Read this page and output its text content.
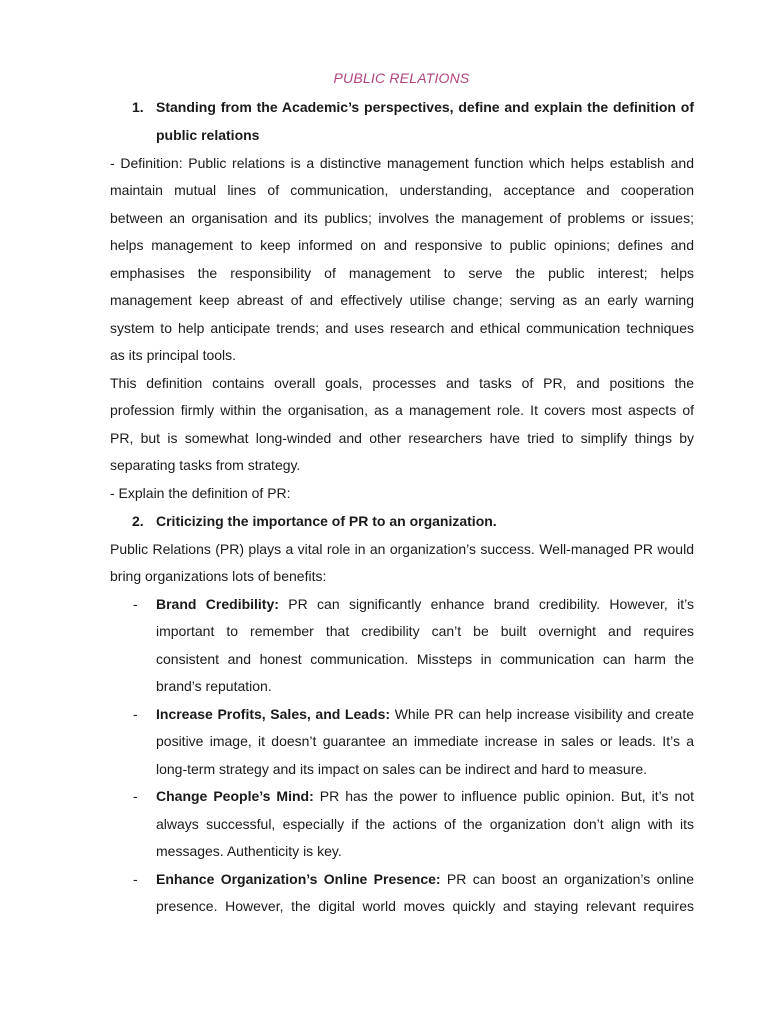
PUBLIC RELATIONS
1. Standing from the Academic’s perspectives, define and explain the definition of
public relations
- Definition: Public relations is a distinctive management function which helps establish and
maintain mutual lines of communication, understanding, acceptance and cooperation
between an organisation and its publics; involves the management of problems or issues;
helps management to keep informed on and responsive to public opinions; defines and
emphasises the responsibility of management to serve the public interest; helps
management keep abreast of and effectively utilise change; serving as an early warning
system to help anticipate trends; and uses research and ethical communication techniques
as its principal tools.
This definition contains overall goals, processes and tasks of PR, and positions the
profession firmly within the organisation, as a management role. It covers most aspects of
PR, but is somewhat long-winded and other researchers have tried to simplify things by
separating tasks from strategy.
- Explain the definition of PR:
2. Criticizing the importance of PR to an organization.
Public Relations (PR) plays a vital role in an organization’s success. Well-managed PR would
bring organizations lots of benefits:
- Brand Credibility: PR can significantly enhance brand credibility. However, it’s
important to remember that credibility can’t be built overnight and requires
consistent and honest communication. Missteps in communication can harm the
brand’s reputation.
- Increase Profits, Sales, and Leads: While PR can help increase visibility and create
positive image, it doesn’t guarantee an immediate increase in sales or leads. It’s a
long-term strategy and its impact on sales can be indirect and hard to measure.
- Change People’s Mind: PR has the power to influence public opinion. But, it’s not
always successful, especially if the actions of the organization don’t align with its
messages. Authenticity is key.
- Enhance Organization’s Online Presence: PR can boost an organization’s online
presence. However, the digital world moves quickly and staying relevant requires
